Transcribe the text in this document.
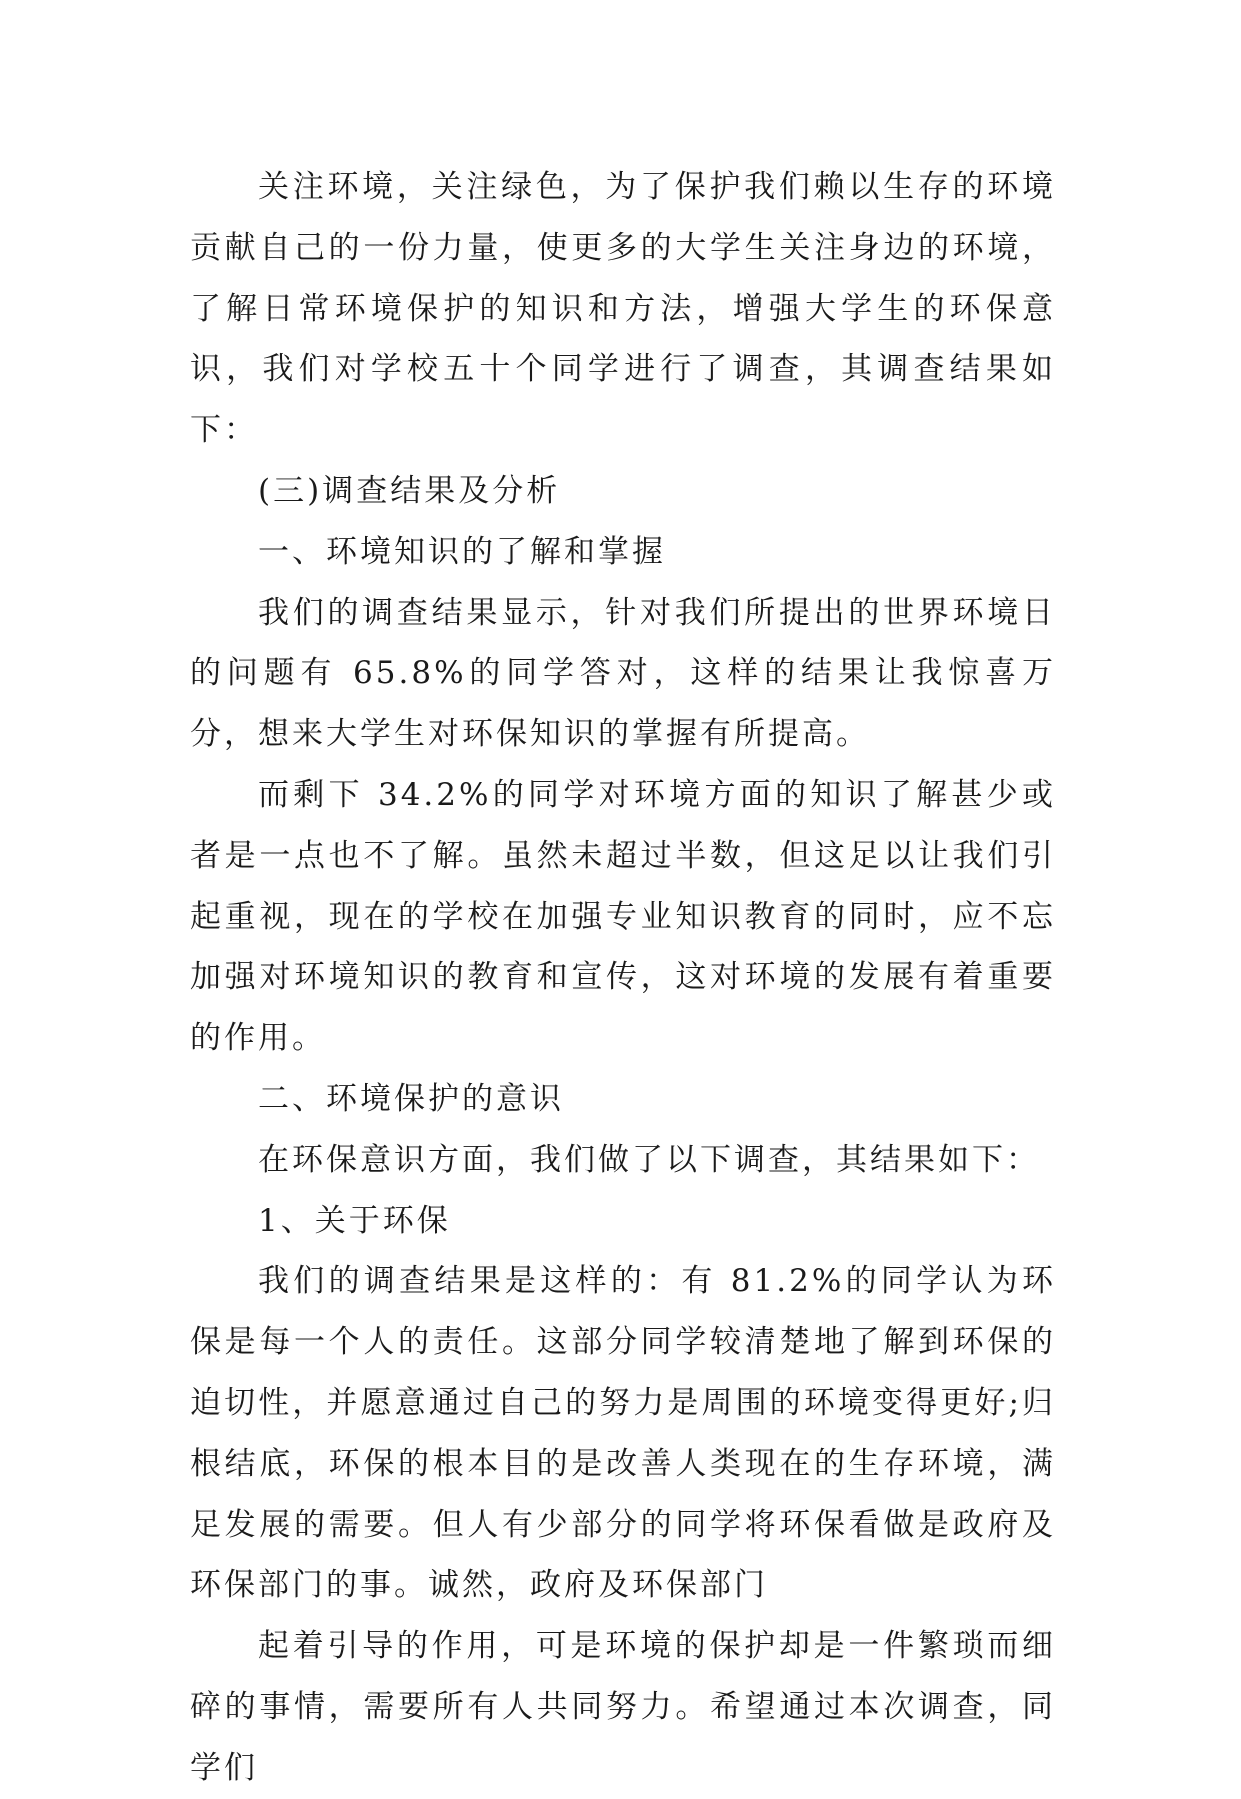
关注环境，关注绿色，为了保护我们赖以生存的环境贡献自己的一份力量，使更多的大学生关注身边的环境，了解日常环境保护的知识和方法，增强大学生的环保意识，我们对学校五十个同学进行了调查，其调查结果如下：

(三)调查结果及分析

一、环境知识的了解和掌握

我们的调查结果显示，针对我们所提出的世界环境日的问题有 65.8%的同学答对，这样的结果让我惊喜万分，想来大学生对环保知识的掌握有所提高。

而剩下 34.2%的同学对环境方面的知识了解甚少或者是一点也不了解。虽然未超过半数，但这足以让我们引起重视，现在的学校在加强专业知识教育的同时，应不忘加强对环境知识的教育和宣传，这对环境的发展有着重要的作用。

二、环境保护的意识

在环保意识方面，我们做了以下调查，其结果如下：

1、关于环保

我们的调查结果是这样的：有 81.2%的同学认为环保是每一个人的责任。这部分同学较清楚地了解到环保的迫切性，并愿意通过自己的努力是周围的环境变得更好;归根结底，环保的根本目的是改善人类现在的生存环境，满足发展的需要。但人有少部分的同学将环保看做是政府及环保部门的事。诚然，政府及环保部门

起着引导的作用，可是环境的保护却是一件繁琐而细碎的事情，需要所有人共同努力。希望通过本次调查，同学们
